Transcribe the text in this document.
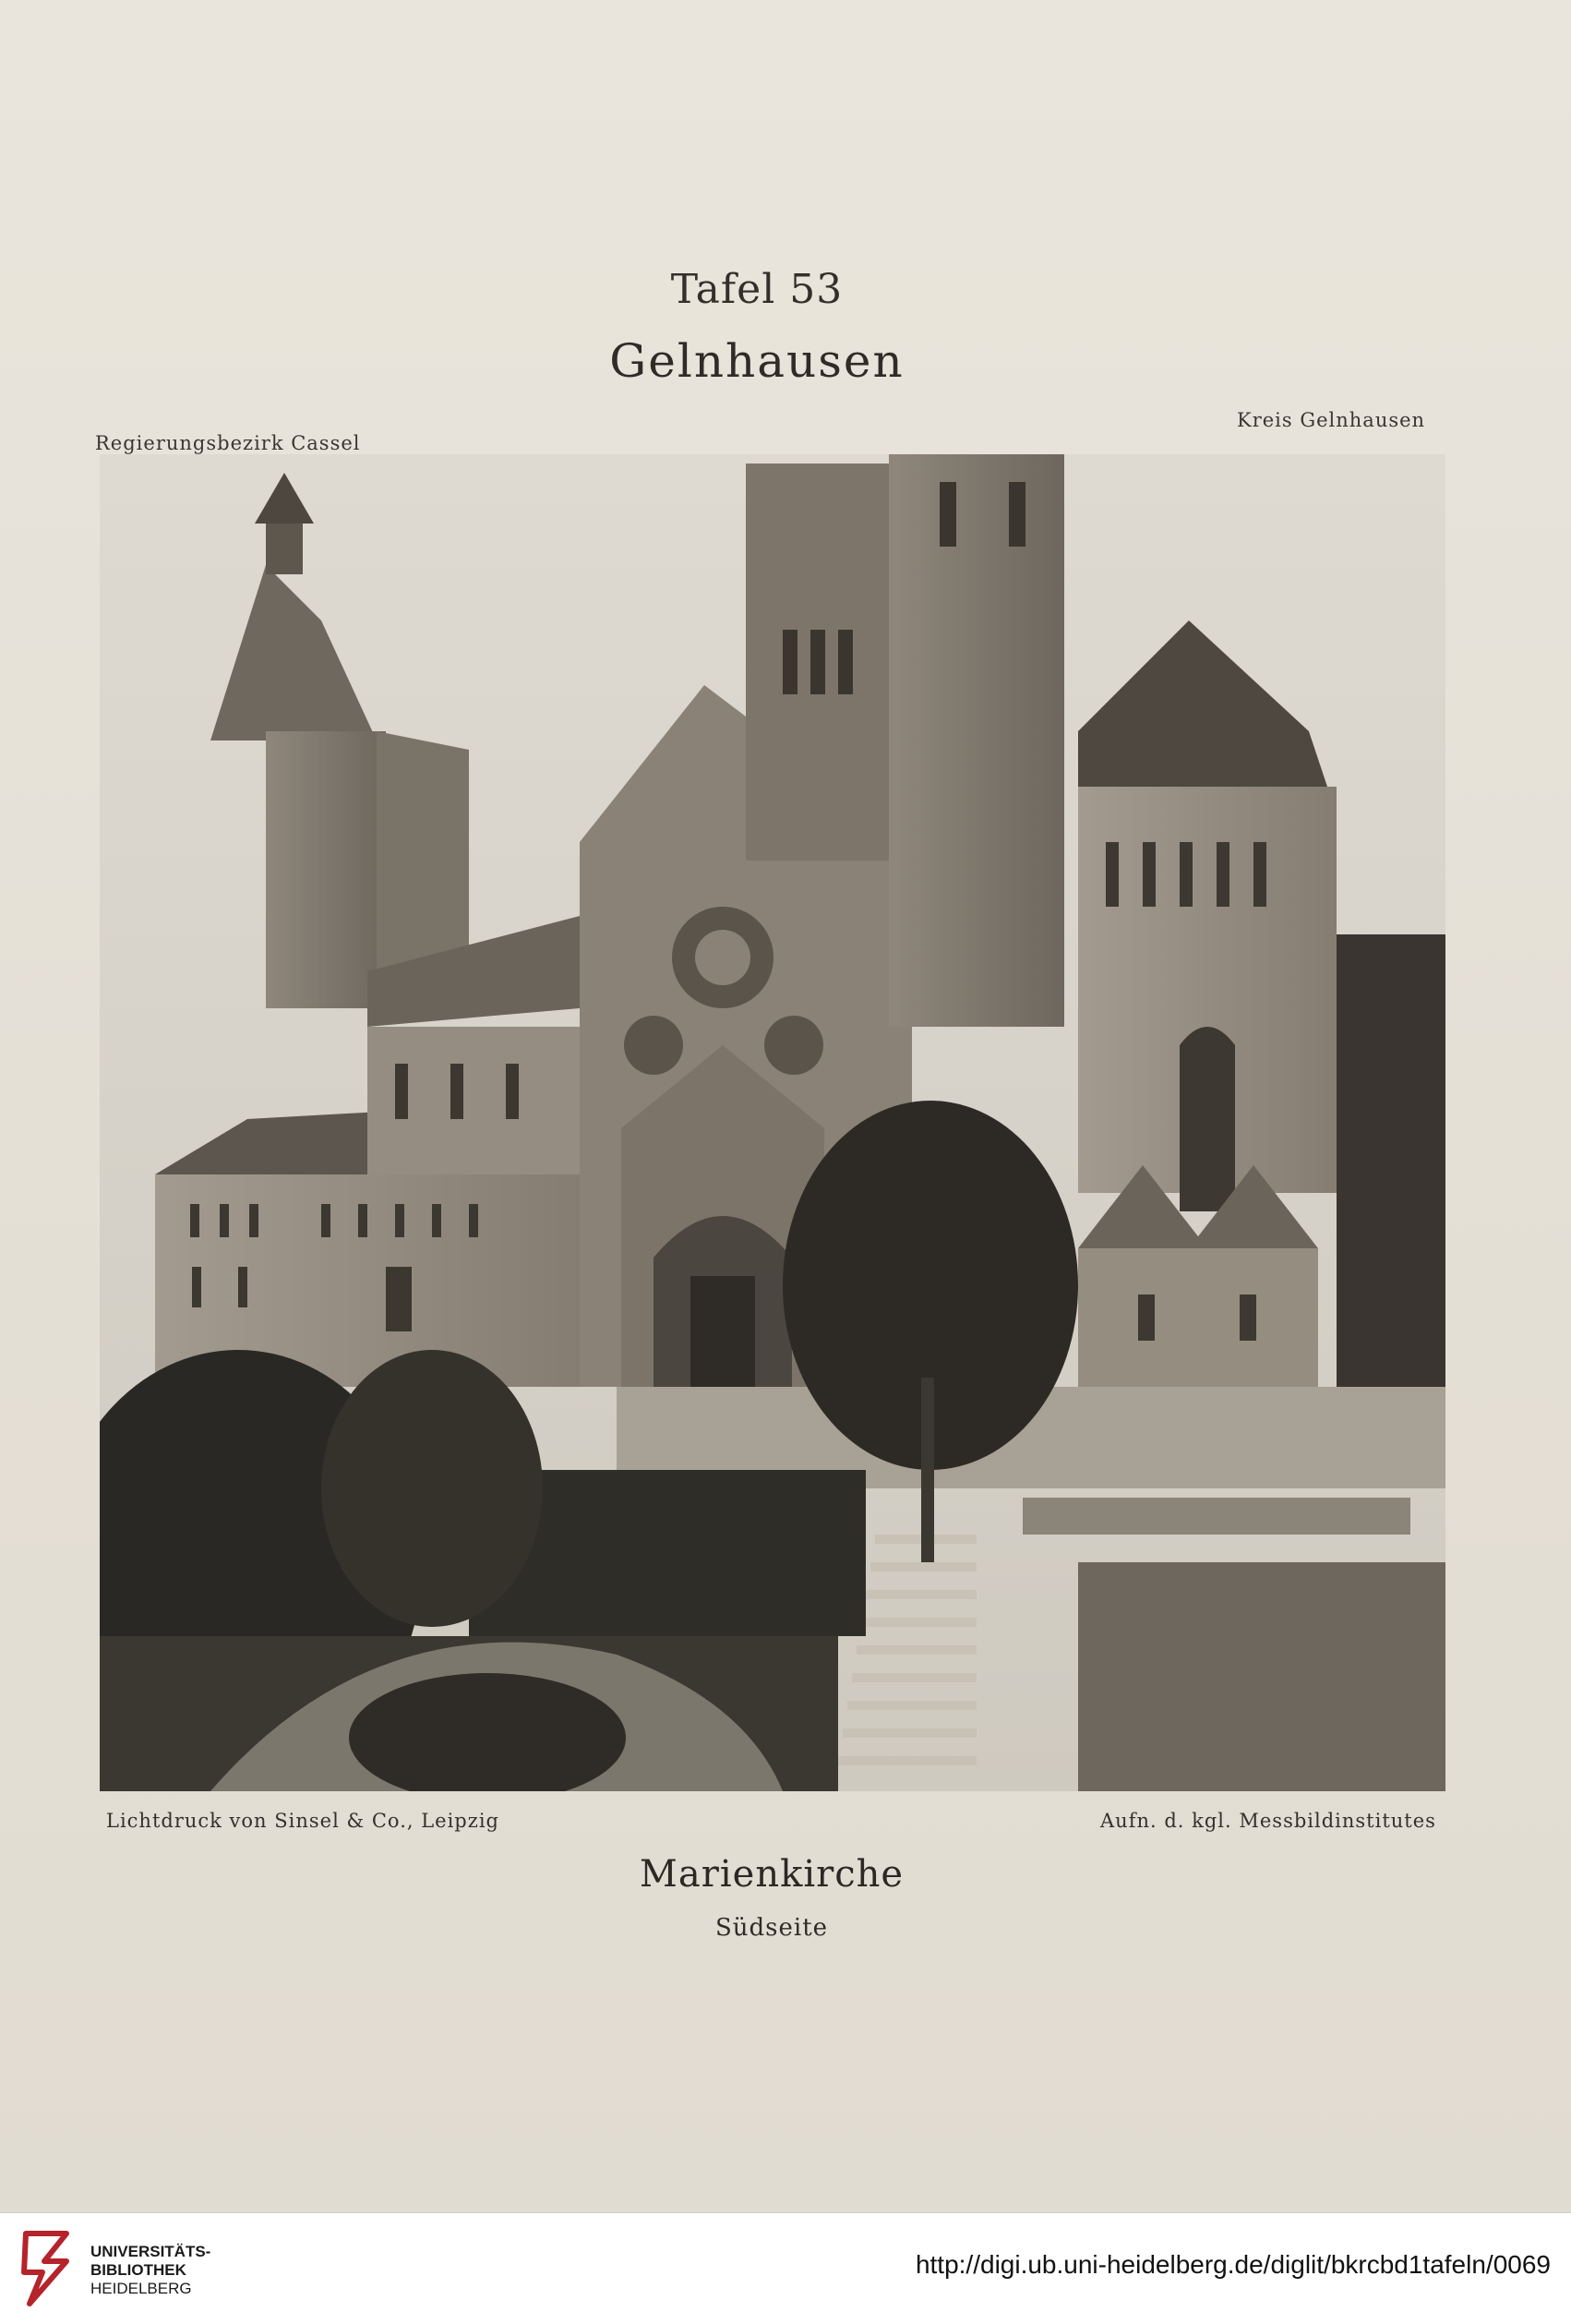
Tafel 53
Gelnhausen
Regierungsbezirk Cassel
Kreis Gelnhausen
Lichtdruck von Sinsel & Co., Leipzig	Aufn. d. kgl. Messbildinstitutes
Marienkirche
Südseite
UNIVERSITÄTS-
BIBLIOTHEK
HEIDELBERG
http://digi.ub.uni-heidelberg.de/diglit/bkrcbd1tafeln/0069
